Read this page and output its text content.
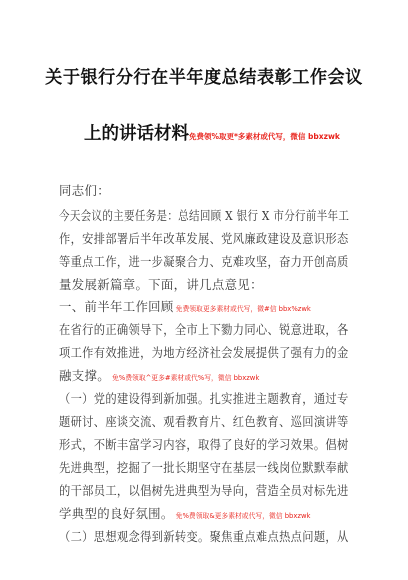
关于银行分行在半年度总结表彰工作会议
上的讲话材料免费领%取更*多素材或代写，微信 bbxzwk
同志们：
今天会议的主要任务是：总结回顾 X 银行 X 市分行前半年工
作，安排部署后半年改革发展、党风廉政建设及意识形态
等重点工作，进一步凝聚合力、克难攻坚，奋力开创高质
量发展新篇章。下面，讲几点意见：
一、前半年工作回顾 免费领取更多素材或代写，微#信 bbx%zwk
在省行的正确领导下，全市上下勠力同心、锐意进取，各
项工作有效推进，为地方经济社会发展提供了强有力的金
融支撑。 免%费领取^更多#素材或代%写，微信 bbxzwk
（一）党的建设得到新加强。扎实推进主题教育，通过专
题研讨、座谈交流、观看教育片、红色教育、巡回演讲等
形式，不断丰富学习内容，取得了良好的学习效果。倡树
先进典型，挖掘了一批长期坚守在基层一线岗位默默奉献
的干部员工，以倡树先进典型为导向，营造全员对标先进
学典型的良好氛围。 免%费领取&更多素材或代写，微信 bbxzwk
（二）思想观念得到新转变。聚焦重点难点热点问题，从
